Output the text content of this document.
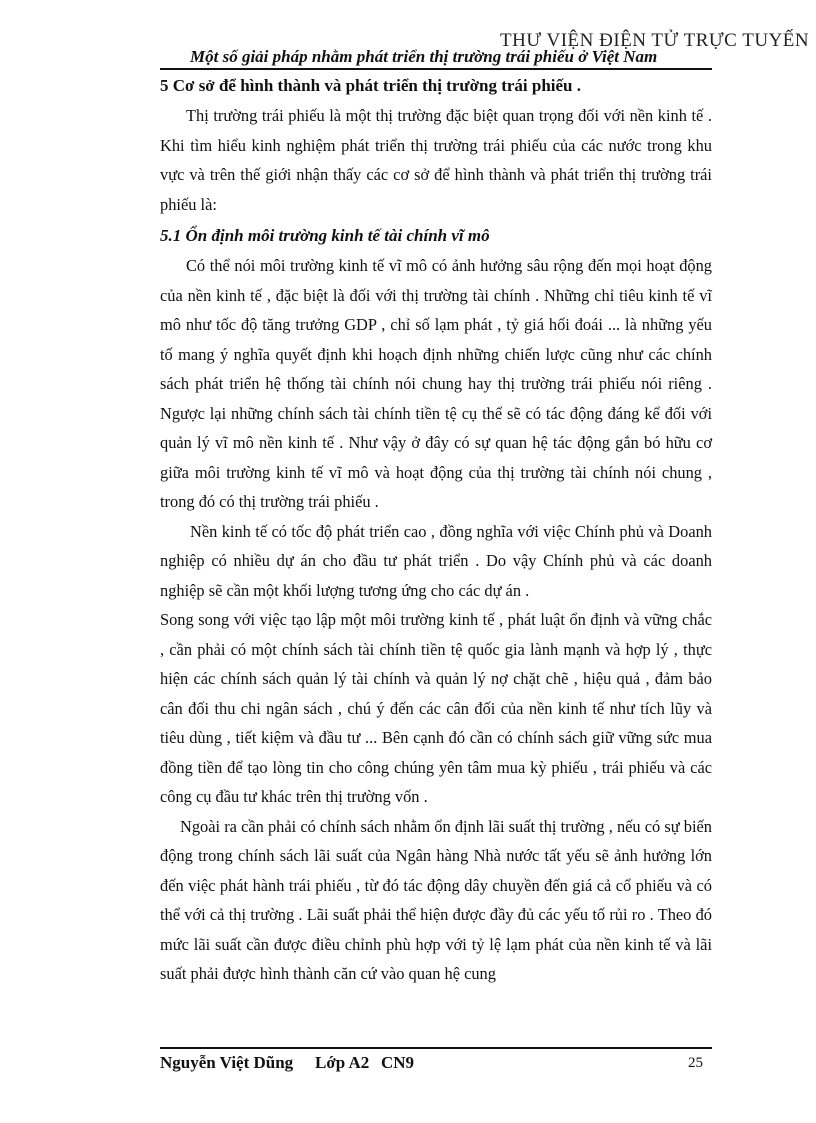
THƯ VIỆN ĐIỆN TỬ TRỰC TUYẾN
Một số giải pháp nhằm phát triển thị trường trái phiếu ở Việt Nam

5 Cơ sở để hình thành và phát triển thị trường trái phiếu .

Thị trường trái phiếu là một thị trường đặc biệt quan trọng đối với nền kinh tế . Khi tìm hiểu kinh nghiệm phát triển thị trường trái phiếu của các nước trong khu vực và trên thế giới nhận thấy các cơ sở để hình thành và phát triển thị trường trái phiếu là:

5.1 Ổn định môi trường kinh tế tài chính vĩ mô

Có thể nói môi trường kinh tế vĩ mô có ảnh hưởng sâu rộng đến mọi hoạt động của nền kinh tế , đặc biệt là đối với thị trường tài chính . Những chỉ tiêu kinh tế vĩ mô như tốc độ tăng trưởng GDP , chỉ số lạm phát , tỷ giá hối đoái ... là những yếu tố mang ý nghĩa quyết định khi hoạch định những chiến lược cũng như các chính sách phát triển hệ thống tài chính nói chung hay thị trường trái phiếu nói riêng . Ngược lại những chính sách tài chính tiền tệ cụ thể sẽ có tác động đáng kể đối với quản lý vĩ mô nền kinh tế . Như vậy ở đây có sự quan hệ tác động gắn bó hữu cơ giữa môi trường kinh tế vĩ mô và hoạt động của thị trường tài chính nói chung , trong đó có thị trường trái phiếu .

Nền kinh tế có tốc độ phát triển cao , đồng nghĩa với việc Chính phủ và Doanh nghiệp có nhiều dự án cho đầu tư phát triển . Do vậy Chính phủ và các doanh nghiệp sẽ cần một khối lượng tương ứng cho các dự án .

Song song với việc tạo lập một môi trường kinh tế , phát luật ổn định và vững chắc , cần phải có một chính sách tài chính tiền tệ quốc gia lành mạnh và hợp lý , thực hiện các chính sách quản lý tài chính và quản lý nợ chặt chẽ , hiệu quả , đảm bảo cân đối thu chi ngân sách , chú ý đến các cân đối của nền kinh tế như tích lũy và tiêu dùng , tiết kiệm và đầu tư ... Bên cạnh đó cần có chính sách giữ vững sức mua đồng tiền để tạo lòng tin cho công chúng yên tâm mua kỳ phiếu , trái phiếu và các công cụ đầu tư khác trên thị trường vốn .

Ngoài ra cần phải có chính sách nhằm ổn định lãi suất thị trường , nếu có sự biến động trong chính sách lãi suất của Ngân hàng Nhà nước tất yếu sẽ ảnh hưởng lớn đến việc phát hành trái phiếu , từ đó tác động dây chuyền đến giá cả cổ phiếu và có thể với cả thị trường . Lãi suất phải thể hiện được đầy đủ các yếu tố rủi ro . Theo đó mức lãi suất cần được điều chỉnh phù hợp với tỷ lệ lạm phát của nền kinh tế và lãi suất phải được hình thành căn cứ vào quan hệ cung

Nguyễn Việt Dũng Lớp A2 CN9	25
